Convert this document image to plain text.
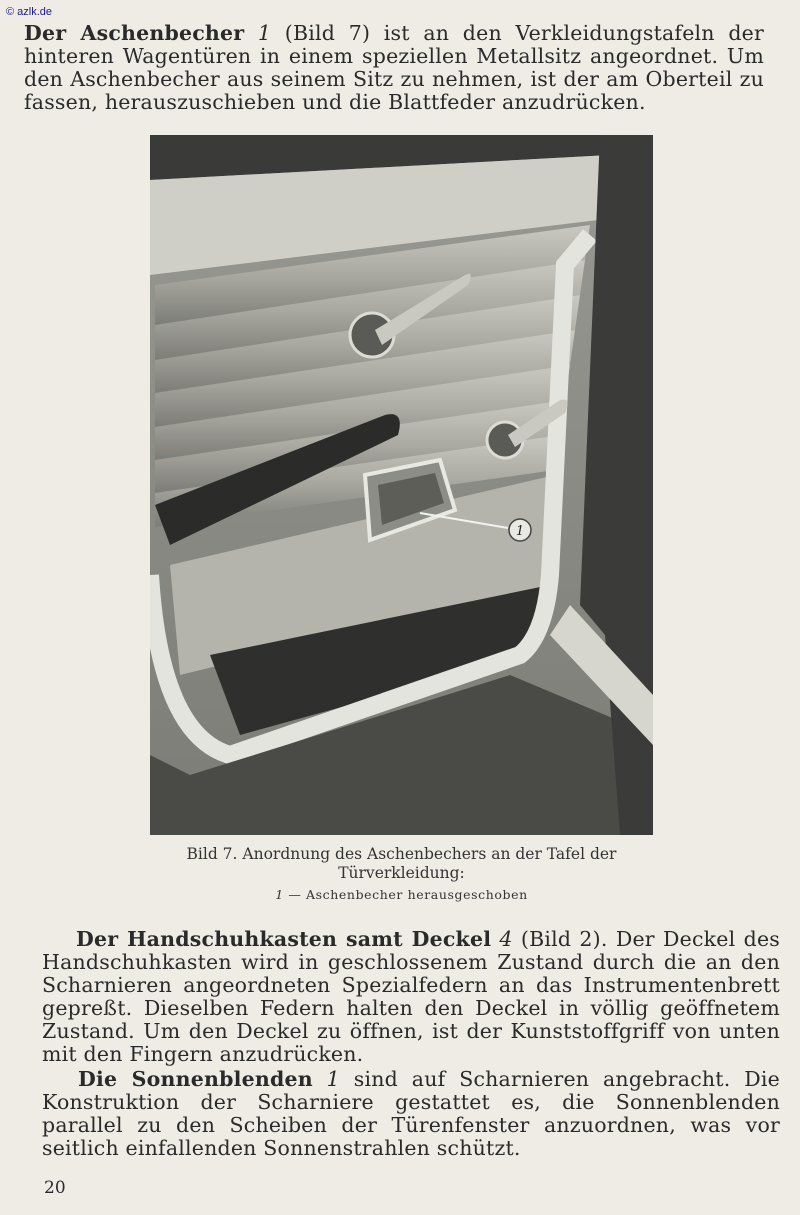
© azlk.de

Der Aschenbecher 1 (Bild 7) ist an den Verkleidungstafeln der hinteren Wagentüren in einem speziellen Metallsitz angeordnet. Um den Aschenbecher aus seinem Sitz zu nehmen, ist der am Oberteil zu fassen, herauszuschieben und die Blattfeder anzudrücken.

1
Bild 7. Anordnung des Aschenbechers an der Tafel der Türverkleidung:
1 — Aschenbecher herausgeschoben

Der Handschuhkasten samt Deckel 4 (Bild 2). Der Deckel des Handschuhkasten wird in geschlossenem Zustand durch die an den Scharnieren angeordneten Spezialfedern an das Instrumentenbrett gepreßt. Dieselben Federn halten den Deckel in völlig geöffnetem Zustand. Um den Deckel zu öffnen, ist der Kunststoffgriff von unten mit den Fingern anzudrücken.

Die Sonnenblenden 1 sind auf Scharnieren angebracht. Die Konstruktion der Scharniere gestattet es, die Sonnenblenden parallel zu den Scheiben der Türenfenster anzuordnen, was vor seitlich einfallenden Sonnenstrahlen schützt.

20
